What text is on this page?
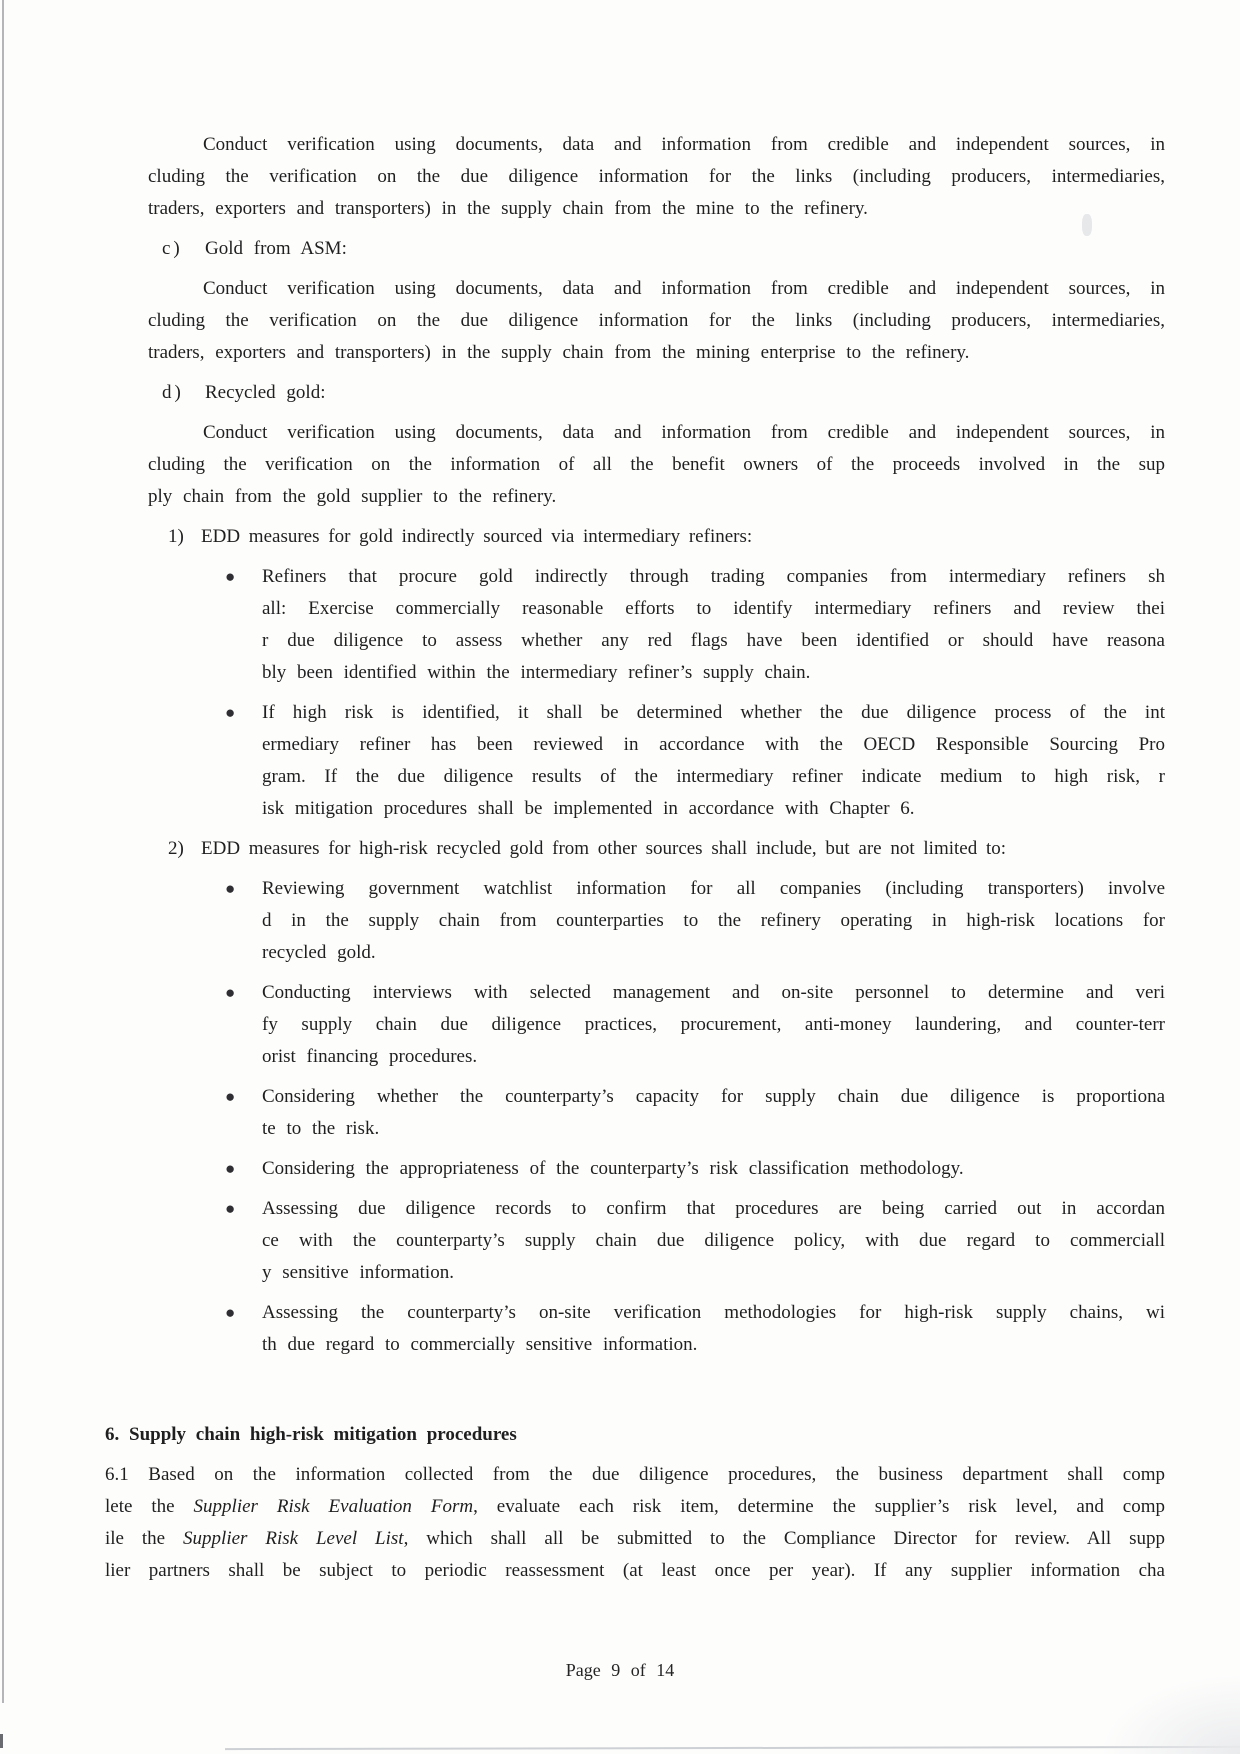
Conduct verification using documents, data and information from credible and independent sources, in
cluding the verification on the due diligence information for the links (including producers, intermediaries,
traders, exporters and transporters) in the supply chain from the mine to the refinery.
c)	Gold from ASM:
Conduct verification using documents, data and information from credible and independent sources, in
cluding the verification on the due diligence information for the links (including producers, intermediaries,
traders, exporters and transporters) in the supply chain from the mining enterprise to the refinery.
d)	Recycled gold:
Conduct verification using documents, data and information from credible and independent sources, in
cluding the verification on the information of all the benefit owners of the proceeds involved in the sup
ply chain from the gold supplier to the refinery.
1) EDD measures for gold indirectly sourced via intermediary refiners:
●	Refiners that procure gold indirectly through trading companies from intermediary refiners sh
all: Exercise commercially reasonable efforts to identify intermediary refiners and review thei
r due diligence to assess whether any red flags have been identified or should have reasona
bly been identified within the intermediary refiner’s supply chain.
●	If high risk is identified, it shall be determined whether the due diligence process of the int
ermediary refiner has been reviewed in accordance with the OECD Responsible Sourcing Pro
gram. If the due diligence results of the intermediary refiner indicate medium to high risk, r
isk mitigation procedures shall be implemented in accordance with Chapter 6.
2) EDD measures for high-risk recycled gold from other sources shall include, but are not limited to:
●	Reviewing government watchlist information for all companies (including transporters) involve
d in the supply chain from counterparties to the refinery operating in high-risk locations for
recycled gold.
●	Conducting interviews with selected management and on-site personnel to determine and veri
fy supply chain due diligence practices, procurement, anti-money laundering, and counter-terr
orist financing procedures.
●	Considering whether the counterparty’s capacity for supply chain due diligence is proportiona
te to the risk.
●	Considering the appropriateness of the counterparty’s risk classification methodology.
●	Assessing due diligence records to confirm that procedures are being carried out in accordan
ce with the counterparty’s supply chain due diligence policy, with due regard to commerciall
y sensitive information.
●	Assessing the counterparty’s on-site verification methodologies for high-risk supply chains, wi
th due regard to commercially sensitive information.
6. Supply chain high-risk mitigation procedures
6.1 Based on the information collected from the due diligence procedures, the business department shall comp
lete the Supplier Risk Evaluation Form, evaluate each risk item, determine the supplier’s risk level, and comp
ile the Supplier Risk Level List, which shall all be submitted to the Compliance Director for review. All supp
lier partners shall be subject to periodic reassessment (at least once per year). If any supplier information cha
Page 9 of 14
